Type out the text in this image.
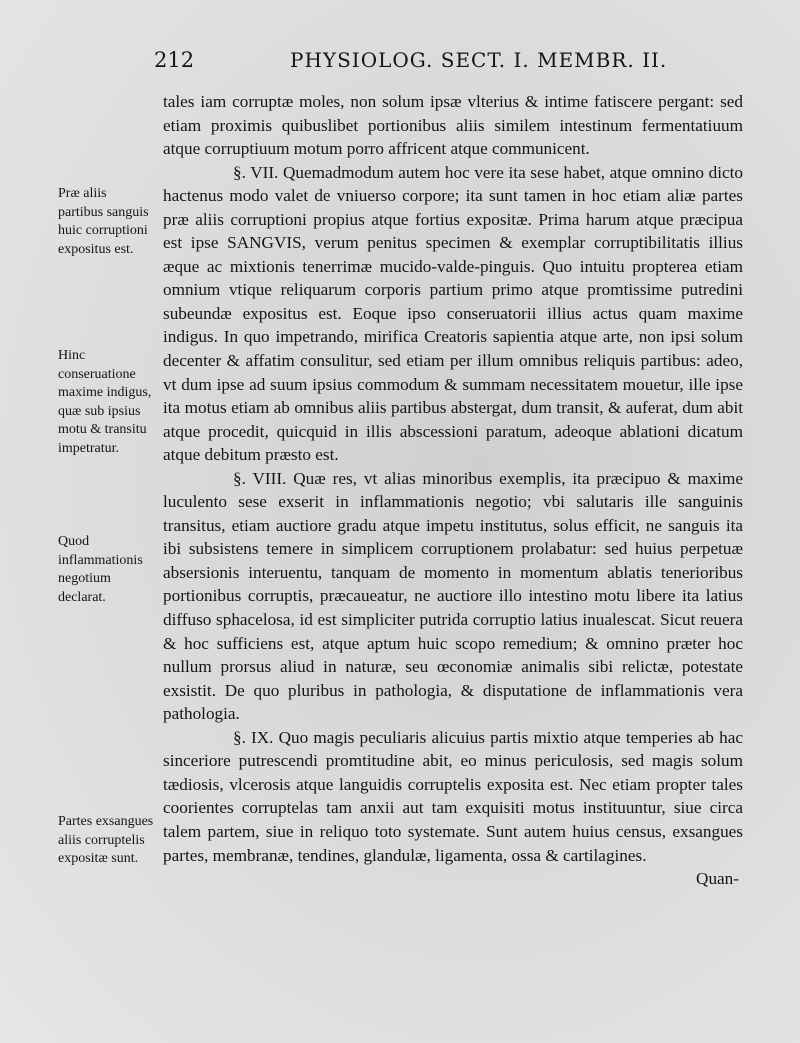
212	PHYSIOLOG. SECT. I. MEMBR. II.
Præ aliis partibus sanguis huic corruptioni expositus est.
Hinc conseruatione maxime indigus, quæ sub ipsius motu & transitu impetratur.
Quod inflammationis negotium declarat.
Partes exsangues aliis corruptelis expositæ sunt.

tales iam corruptæ moles, non solum ipsæ vlterius & intime fatiscere pergant: sed etiam proximis quibuslibet portionibus aliis similem intestinum fermentatiuum atque corruptiuum motum porro affricent atque communicent.

§. VII. Quemadmodum autem hoc vere ita sese habet, atque omnino dicto hactenus modo valet de vniuerso corpore; ita sunt tamen in hoc etiam aliæ partes præ aliis corruptioni propius atque fortius expositæ. Prima harum atque præcipua est ipse SANGVIS, verum penitus specimen & exemplar corruptibilitatis illius æque ac mixtionis tenerrimæ mucido-valde-pinguis. Quo intuitu propterea etiam omnium vtique reliquarum corporis partium primo atque promtissime putredini subeundæ expositus est. Eoque ipso conseruatorii illius actus quam maxime indigus. In quo impetrando, mirifica Creatoris sapientia atque arte, non ipsi solum decenter & affatim consulitur, sed etiam per illum omnibus reliquis partibus: adeo, vt dum ipse ad suum ipsius commodum & summam necessitatem mouetur, ille ipse ita motus etiam ab omnibus aliis partibus abstergat, dum transit, & auferat, dum abit atque procedit, quicquid in illis abscessioni paratum, adeoque ablationi dicatum atque debitum præsto est.

§. VIII. Quæ res, vt alias minoribus exemplis, ita præcipuo & maxime luculento sese exserit in inflammationis negotio; vbi salutaris ille sanguinis transitus, etiam auctiore gradu atque impetu institutus, solus efficit, ne sanguis ita ibi subsistens temere in simplicem corruptionem prolabatur: sed huius perpetuæ absersionis interuentu, tanquam de momento in momentum ablatis tenerioribus portionibus corruptis, præcaueatur, ne auctiore illo intestino motu libere ita latius diffuso sphacelosa, id est simpliciter putrida corruptio latius inualescat. Sicut reuera & hoc sufficiens est, atque aptum huic scopo remedium; & omnino præter hoc nullum prorsus aliud in naturæ, seu œconomiæ animalis sibi relictæ, potestate exsistit. De quo pluribus in pathologia, & disputatione de inflammationis vera pathologia.

§. IX. Quo magis peculiaris alicuius partis mixtio atque temperies ab hac sinceriore putrescendi promtitudine abit, eo minus periculosis, sed magis solum tædiosis, vlcerosis atque languidis corruptelis exposita est. Nec etiam propter tales coorientes corruptelas tam anxii aut tam exquisiti motus instituuntur, siue circa talem partem, siue in reliquo toto systemate. Sunt autem huius census, exsangues partes, membranæ, tendines, glandulæ, ligamenta, ossa & cartilagines.

Quan-
